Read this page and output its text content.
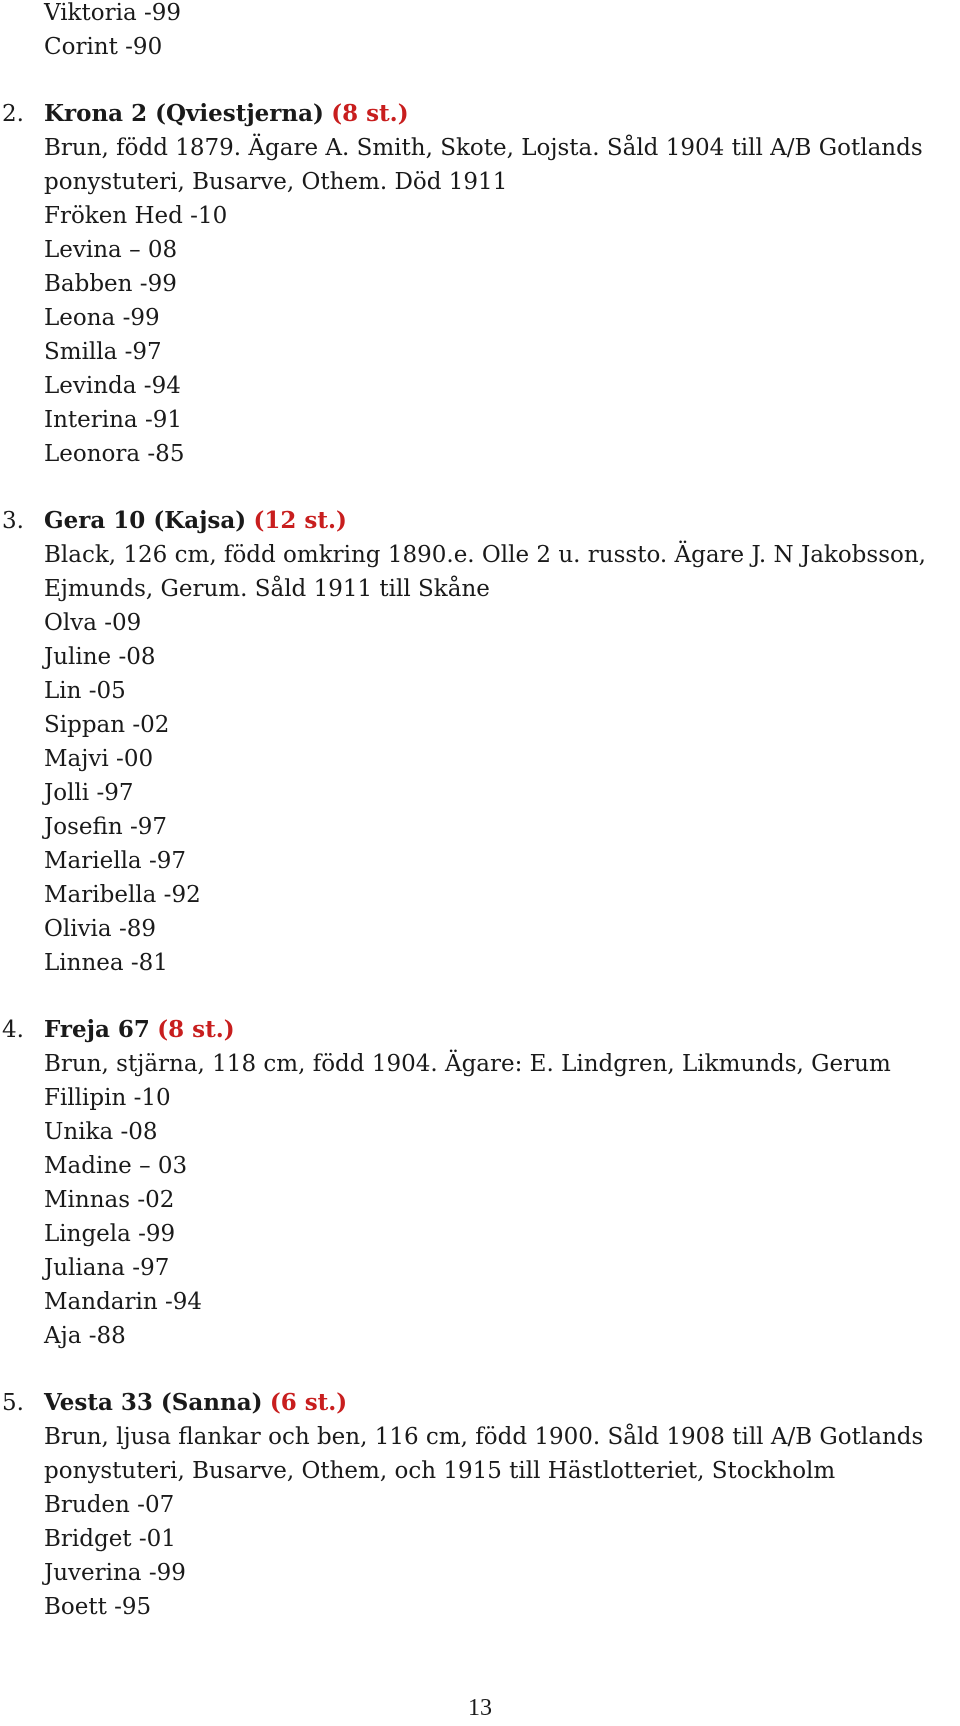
Viktoria -99
Corint -90
2. Krona 2 (Qviestjerna) (8 st.)
Brun, född 1879. Ägare A. Smith, Skote, Lojsta. Såld 1904 till A/B Gotlands
ponystuteri, Busarve, Othem. Död 1911
Fröken Hed -10
Levina – 08
Babben -99
Leona -99
Smilla -97
Levinda -94
Interina -91
Leonora -85
3. Gera 10 (Kajsa) (12 st.)
Black, 126 cm, född omkring 1890.e. Olle 2 u. russto. Ägare J. N Jakobsson,
Ejmunds, Gerum. Såld 1911 till Skåne
Olva -09
Juline -08
Lin -05
Sippan -02
Majvi -00
Jolli -97
Josefin -97
Mariella -97
Maribella -92
Olivia -89
Linnea -81
4. Freja 67 (8 st.)
Brun, stjärna, 118 cm, född 1904. Ägare: E. Lindgren, Likmunds, Gerum
Fillipin -10
Unika -08
Madine – 03
Minnas -02
Lingela -99
Juliana -97
Mandarin -94
Aja -88
5. Vesta 33 (Sanna) (6 st.)
Brun, ljusa flankar och ben, 116 cm, född 1900. Såld 1908 till A/B Gotlands
ponystuteri, Busarve, Othem, och 1915 till Hästlotteriet, Stockholm
Bruden -07
Bridget -01
Juverina -99
Boett -95
13
